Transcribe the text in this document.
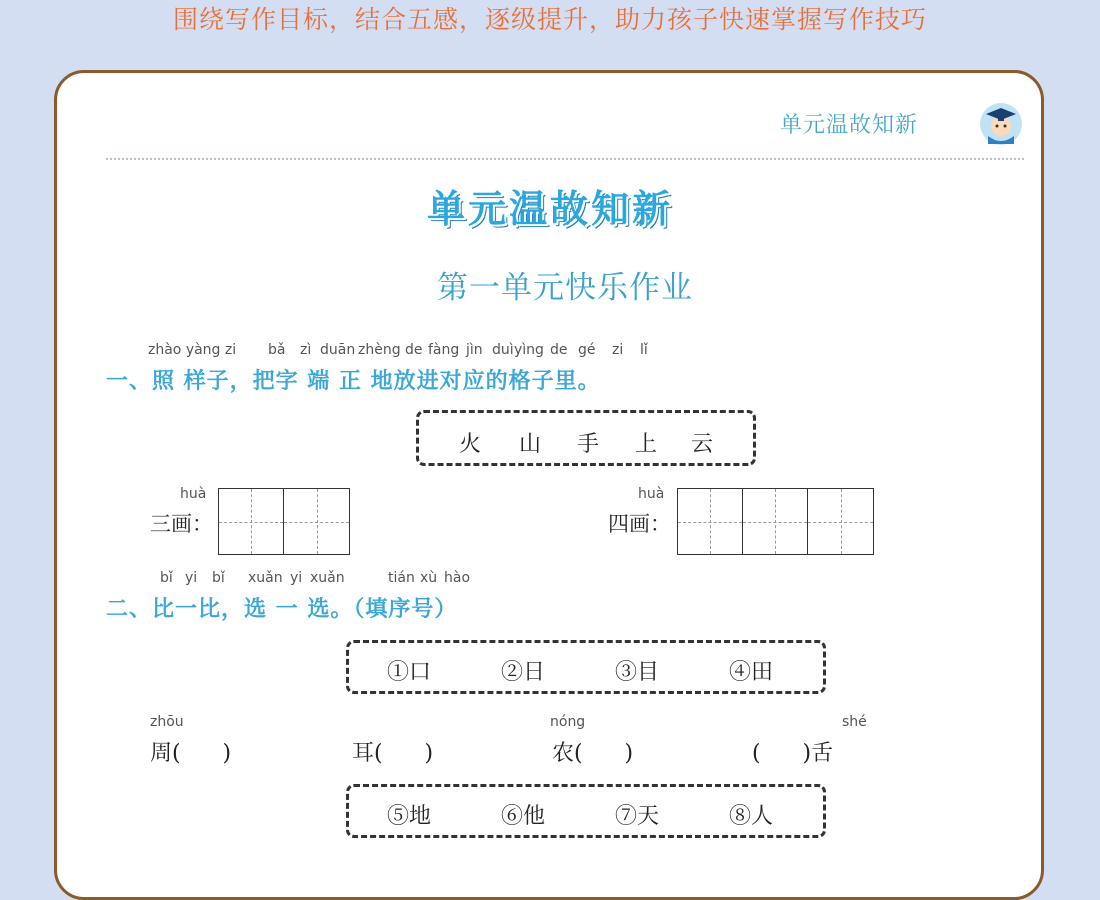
围绕写作目标，结合五感，逐级提升，助力孩子快速掌握写作技巧
单元温故知新
单元温故知新
第一单元快乐作业
zhào yàng zi bǎ zì duān zhèng de fàng jìn duì yìng de gé zi lǐ
一、照 样子，把字 端 正 地放进对应的格子里。
火 山 手 上 云
huà
三画：
huà
四画：
bǐ yi bǐ xuǎn yi xuǎn	tián xù hào
二、比一比，选 一 选。（填序号）
①口	②日	③目	④田
zhōu
周(      )	耳(      )
nóng
农(      )
shé
(      )舌
⑤地	⑥他	⑦天	⑧人
